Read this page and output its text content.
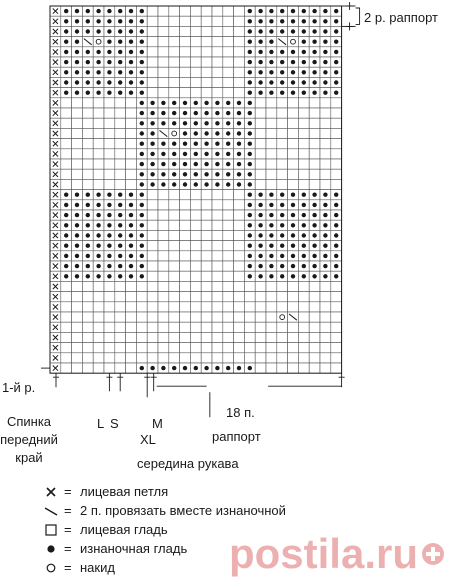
2 р. раппорт
1-й р.
Спинка
передний
край
L S	M
XL
18 п.
раппорт
середина рукава
= лицевая петля
= 2 п. провязать вместе изнаночной
= лицевая гладь
= изнаночная гладь
= накид	postila.ru
